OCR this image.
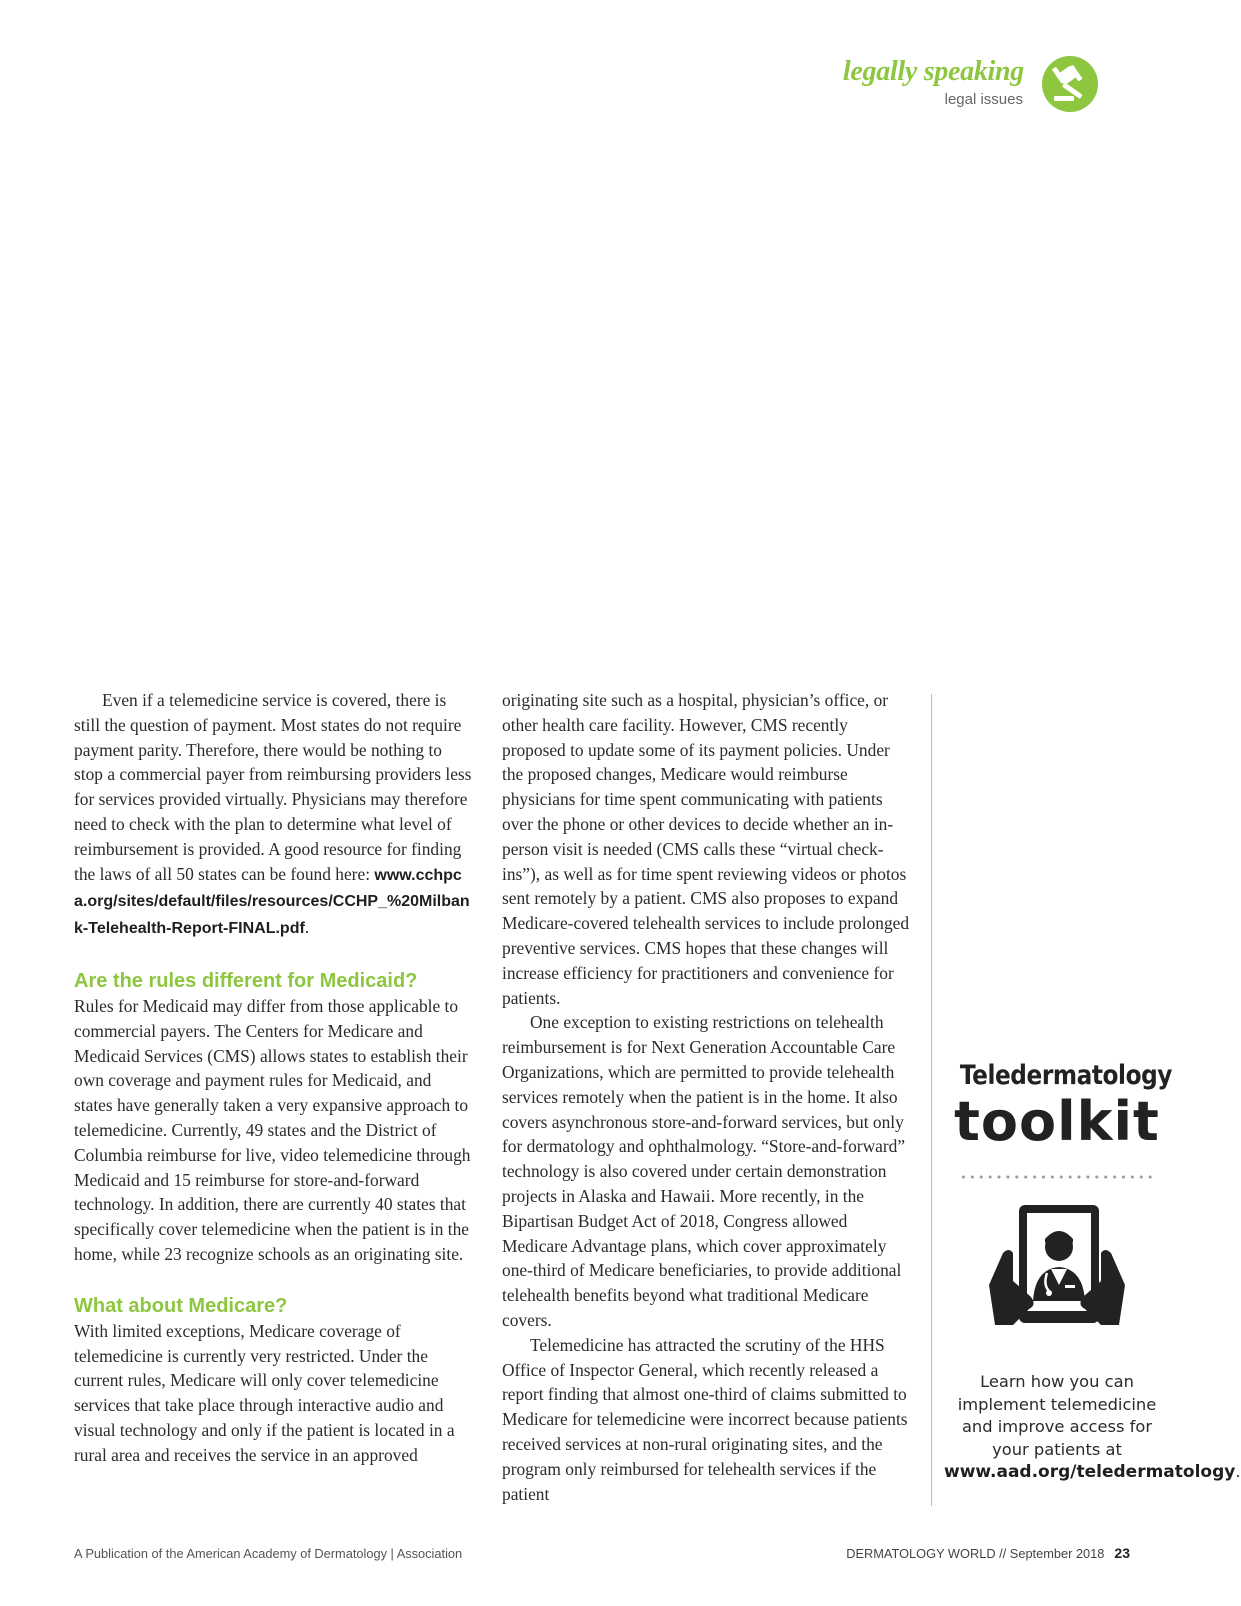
legally speaking
legal issues

Even if a telemedicine service is covered, there is still the question of payment. Most states do not require payment parity. Therefore, there would be nothing to stop a commercial payer from reimbursing providers less for services provided virtually. Physicians may therefore need to check with the plan to determine what level of reimbursement is provided. A good resource for finding the laws of all 50 states can be found here: www.cchpca.org/sites/default/files/resources/CCHP_%20Milbank-Telehealth-Report-FINAL.pdf.

Are the rules different for Medicaid?

Rules for Medicaid may differ from those applicable to commercial payers. The Centers for Medicare and Medicaid Services (CMS) allows states to establish their own coverage and payment rules for Medicaid, and states have generally taken a very expansive approach to telemedicine. Currently, 49 states and the District of Columbia reimburse for live, video telemedicine through Medicaid and 15 reimburse for store-and-forward technology. In addition, there are currently 40 states that specifically cover telemedicine when the patient is in the home, while 23 recognize schools as an originating site.

What about Medicare?

With limited exceptions, Medicare coverage of telemedicine is currently very restricted. Under the current rules, Medicare will only cover telemedicine services that take place through interactive audio and visual technology and only if the patient is located in a rural area and receives the service in an approved

originating site such as a hospital, physician’s office, or other health care facility. However, CMS recently proposed to update some of its payment policies. Under the proposed changes, Medicare would reimburse physicians for time spent communicating with patients over the phone or other devices to decide whether an in-person visit is needed (CMS calls these “virtual check-ins”), as well as for time spent reviewing videos or photos sent remotely by a patient. CMS also proposes to expand Medicare-covered telehealth services to include prolonged preventive services. CMS hopes that these changes will increase efficiency for practitioners and convenience for patients.

One exception to existing restrictions on telehealth reimbursement is for Next Generation Accountable Care Organizations, which are permitted to provide telehealth services remotely when the patient is in the home. It also covers asynchronous store-and-forward services, but only for dermatology and ophthalmology. “Store-and-forward” technology is also covered under certain demonstration projects in Alaska and Hawaii. More recently, in the Bipartisan Budget Act of 2018, Congress allowed Medicare Advantage plans, which cover approximately one-third of Medicare beneficiaries, to provide additional telehealth benefits beyond what traditional Medicare covers.

Telemedicine has attracted the scrutiny of the HHS Office of Inspector General, which recently released a report finding that almost one-third of claims submitted to Medicare for telemedicine were incorrect because patients received services at non-rural originating sites, and the program only reimbursed for telehealth services if the patient

Teledermatology
toolkit
Learn how you can implement telemedicine and improve access for your patients at www.aad.org/teledermatology.
A Publication of the American Academy of Dermatology | Association	DERMATOLOGY WORLD // September 2018 23
